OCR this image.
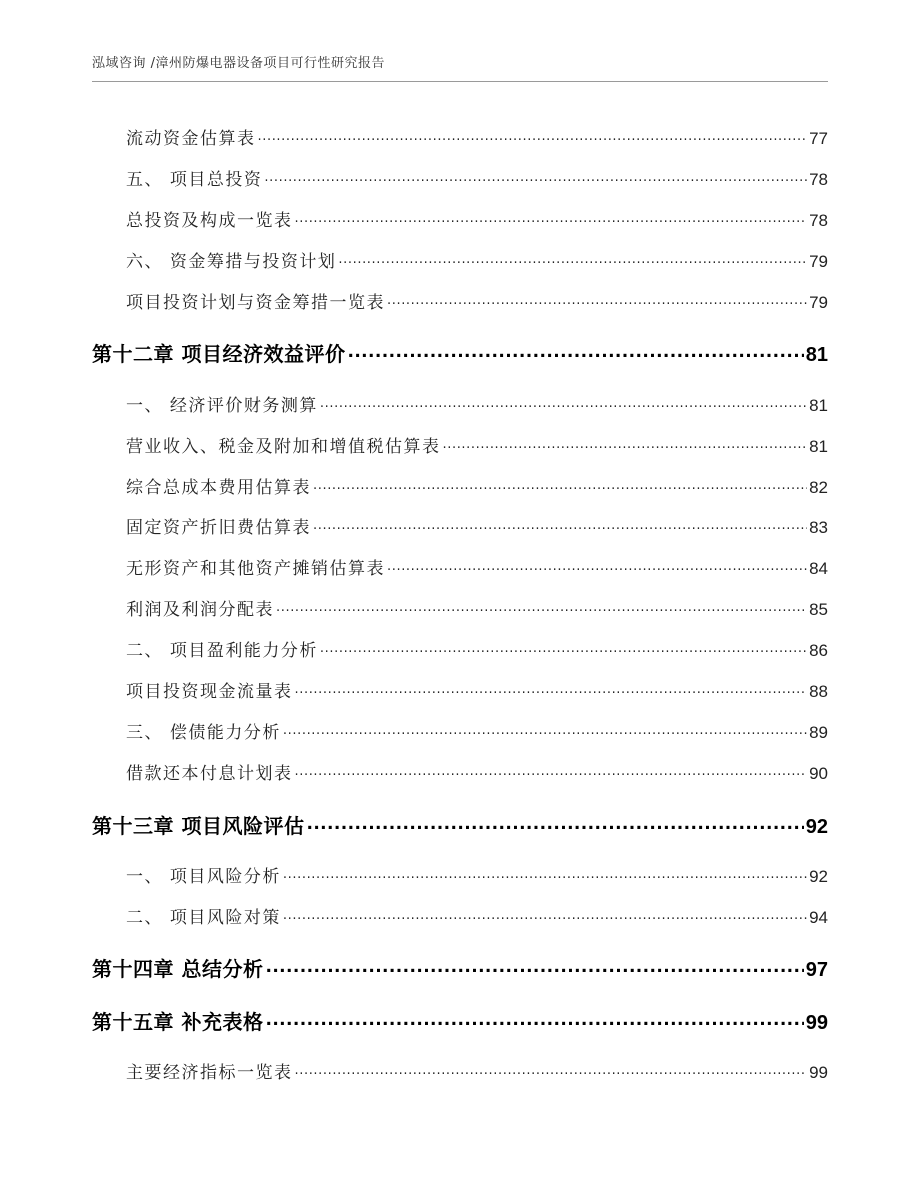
泓域咨询 /漳州防爆电器设备项目可行性研究报告
流动资金估算表 .....	77
五、 项目总投资 .....	78
总投资及构成一览表 .....	78
六、 资金筹措与投资计划 .....	79
项目投资计划与资金筹措一览表 .....	79
第十二章 项目经济效益评价 .....	81
一、 经济评价财务测算 .....	81
营业收入、税金及附加和增值税估算表 .....	81
综合总成本费用估算表 .....	82
固定资产折旧费估算表 .....	83
无形资产和其他资产摊销估算表 .....	84
利润及利润分配表 .....	85
二、 项目盈利能力分析 .....	86
项目投资现金流量表 .....	88
三、 偿债能力分析 .....	89
借款还本付息计划表 .....	90
第十三章 项目风险评估 .....	92
一、 项目风险分析 .....	92
二、 项目风险对策 .....	94
第十四章 总结分析 .....	97
第十五章 补充表格 .....	99
主要经济指标一览表 .....	99
